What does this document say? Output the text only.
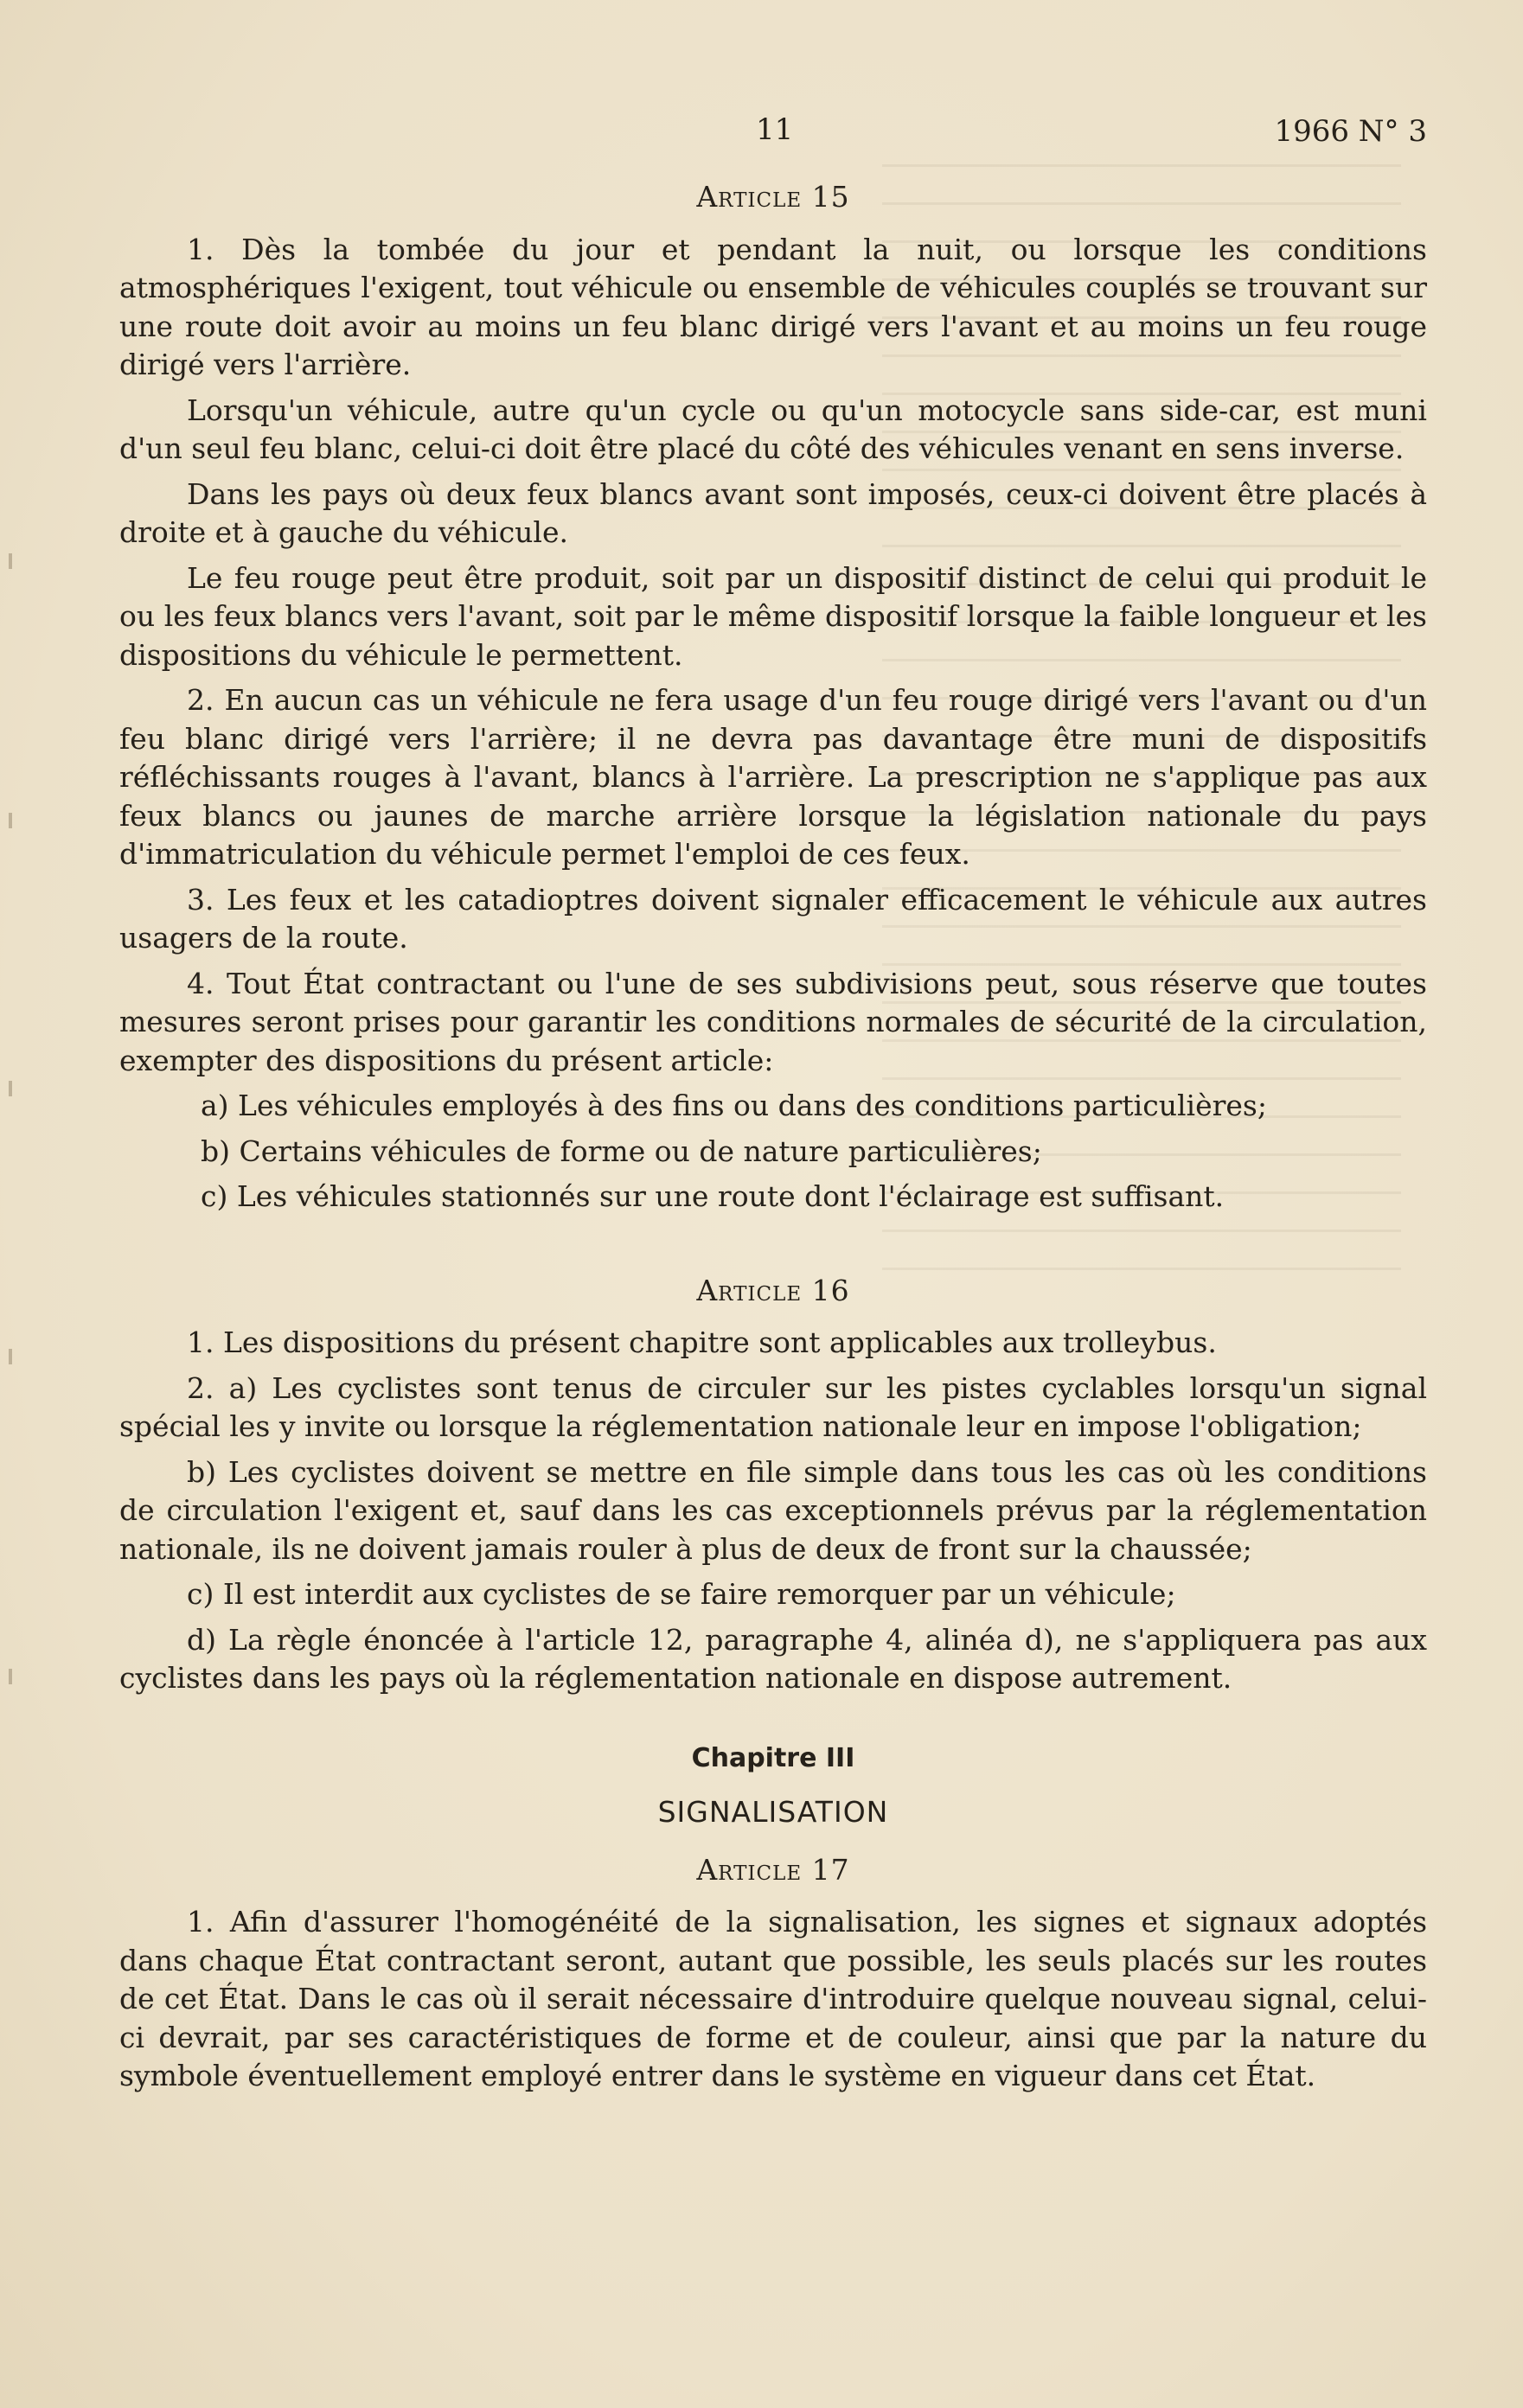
11	1966 N° 3
Article 15

1. Dès la tombée du jour et pendant la nuit, ou lorsque les conditions atmosphériques l'exigent, tout véhicule ou ensemble de véhicules couplés se trouvant sur une route doit avoir au moins un feu blanc dirigé vers l'avant et au moins un feu rouge dirigé vers l'arrière.

Lorsqu'un véhicule, autre qu'un cycle ou qu'un motocycle sans side-car, est muni d'un seul feu blanc, celui-ci doit être placé du côté des véhicules venant en sens inverse.

Dans les pays où deux feux blancs avant sont imposés, ceux-ci doivent être placés à droite et à gauche du véhicule.

Le feu rouge peut être produit, soit par un dispositif distinct de celui qui produit le ou les feux blancs vers l'avant, soit par le même dispositif lorsque la faible longueur et les dispositions du véhicule le permettent.

2. En aucun cas un véhicule ne fera usage d'un feu rouge dirigé vers l'avant ou d'un feu blanc dirigé vers l'arrière; il ne devra pas davantage être muni de dispositifs réfléchissants rouges à l'avant, blancs à l'arrière. La prescription ne s'applique pas aux feux blancs ou jaunes de marche arrière lorsque la législation nationale du pays d'immatriculation du véhicule permet l'emploi de ces feux.

3. Les feux et les catadioptres doivent signaler efficacement le véhicule aux autres usagers de la route.

4. Tout État contractant ou l'une de ses subdivisions peut, sous réserve que toutes mesures seront prises pour garantir les conditions normales de sécurité de la circulation, exempter des dispositions du présent article:

a) Les véhicules employés à des fins ou dans des conditions particulières;

b) Certains véhicules de forme ou de nature particulières;

c) Les véhicules stationnés sur une route dont l'éclairage est suffisant.

Article 16

1. Les dispositions du présent chapitre sont applicables aux trolleybus.

2. a) Les cyclistes sont tenus de circuler sur les pistes cyclables lorsqu'un signal spécial les y invite ou lorsque la réglementation nationale leur en impose l'obligation;

b) Les cyclistes doivent se mettre en file simple dans tous les cas où les conditions de circulation l'exigent et, sauf dans les cas exceptionnels prévus par la réglementation nationale, ils ne doivent jamais rouler à plus de deux de front sur la chaussée;

c) Il est interdit aux cyclistes de se faire remorquer par un véhicule;

d) La règle énoncée à l'article 12, paragraphe 4, alinéa d), ne s'appliquera pas aux cyclistes dans les pays où la réglementation nationale en dispose autrement.

Chapitre III
SIGNALISATION
Article 17

1. Afin d'assurer l'homogénéité de la signalisation, les signes et signaux adoptés dans chaque État contractant seront, autant que possible, les seuls placés sur les routes de cet État. Dans le cas où il serait nécessaire d'introduire quelque nouveau signal, celui-ci devrait, par ses caractéristiques de forme et de couleur, ainsi que par la nature du symbole éventuellement employé entrer dans le système en vigueur dans cet État.
